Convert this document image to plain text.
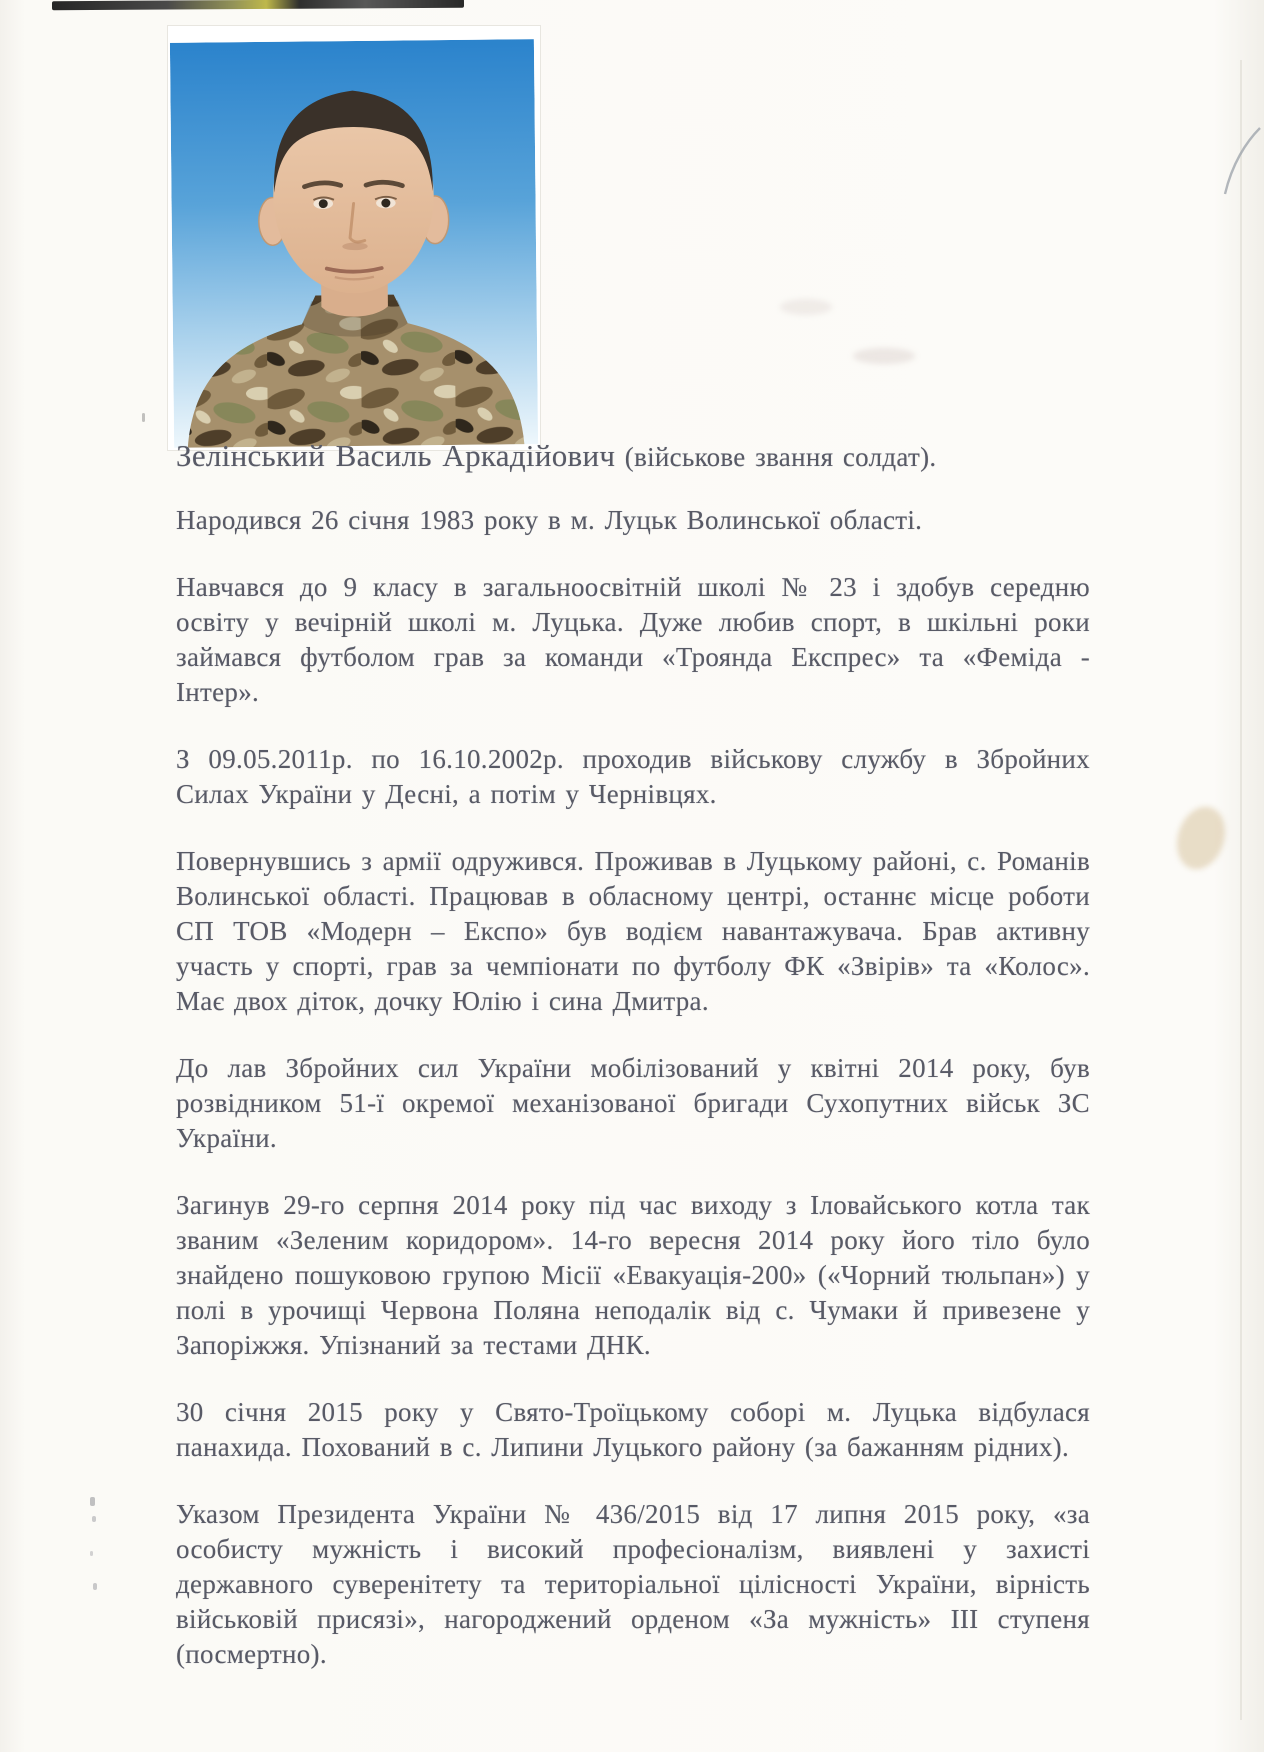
Зелінський Василь Аркадійович (військове звання солдат).

Народився 26 січня 1983 року в м. Луцьк Волинської області.

Навчався до 9 класу в загальноосвітній школі № 23 і здобув середню освіту у вечірній школі м. Луцька. Дуже любив спорт, в шкільні роки займався футболом грав за команди «Троянда Експрес» та «Феміда - Інтер».

З 09.05.2011р. по 16.10.2002р. проходив військову службу в Збройних Силах України у Десні, а потім у Чернівцях.

Повернувшись з армії одружився. Проживав в Луцькому районі, с. Романів Волинської області. Працював в обласному центрі, останнє місце роботи СП ТОВ «Модерн – Експо» був водієм навантажувача. Брав активну участь у спорті, грав за чемпіонати по футболу ФК «Звірів» та «Колос». Має двох діток, дочку Юлію і сина Дмитра.

До лав Збройних сил України мобілізований у квітні 2014 року, був розвідником 51-ї окремої механізованої бригади Сухопутних військ ЗС України.

Загинув 29-го серпня 2014 року під час виходу з Іловайського котла так званим «Зеленим коридором». 14-го вересня 2014 року його тіло було знайдено пошуковою групою Місії «Евакуація-200» («Чорний тюльпан») у полі в урочищі Червона Поляна неподалік від с. Чумаки й привезене у Запоріжжя. Упізнаний за тестами ДНК.

30 січня 2015 року у Свято-Троїцькому соборі м. Луцька відбулася панахида. Похований в с. Липини Луцького району (за бажанням рідних).

Указом Президента України № 436/2015 від 17 липня 2015 року, «за особисту мужність і високий професіоналізм, виявлені у захисті державного суверенітету та територіальної цілісності України, вірність військовій присязі», нагороджений орденом «За мужність» ІІІ ступеня (посмертно).
